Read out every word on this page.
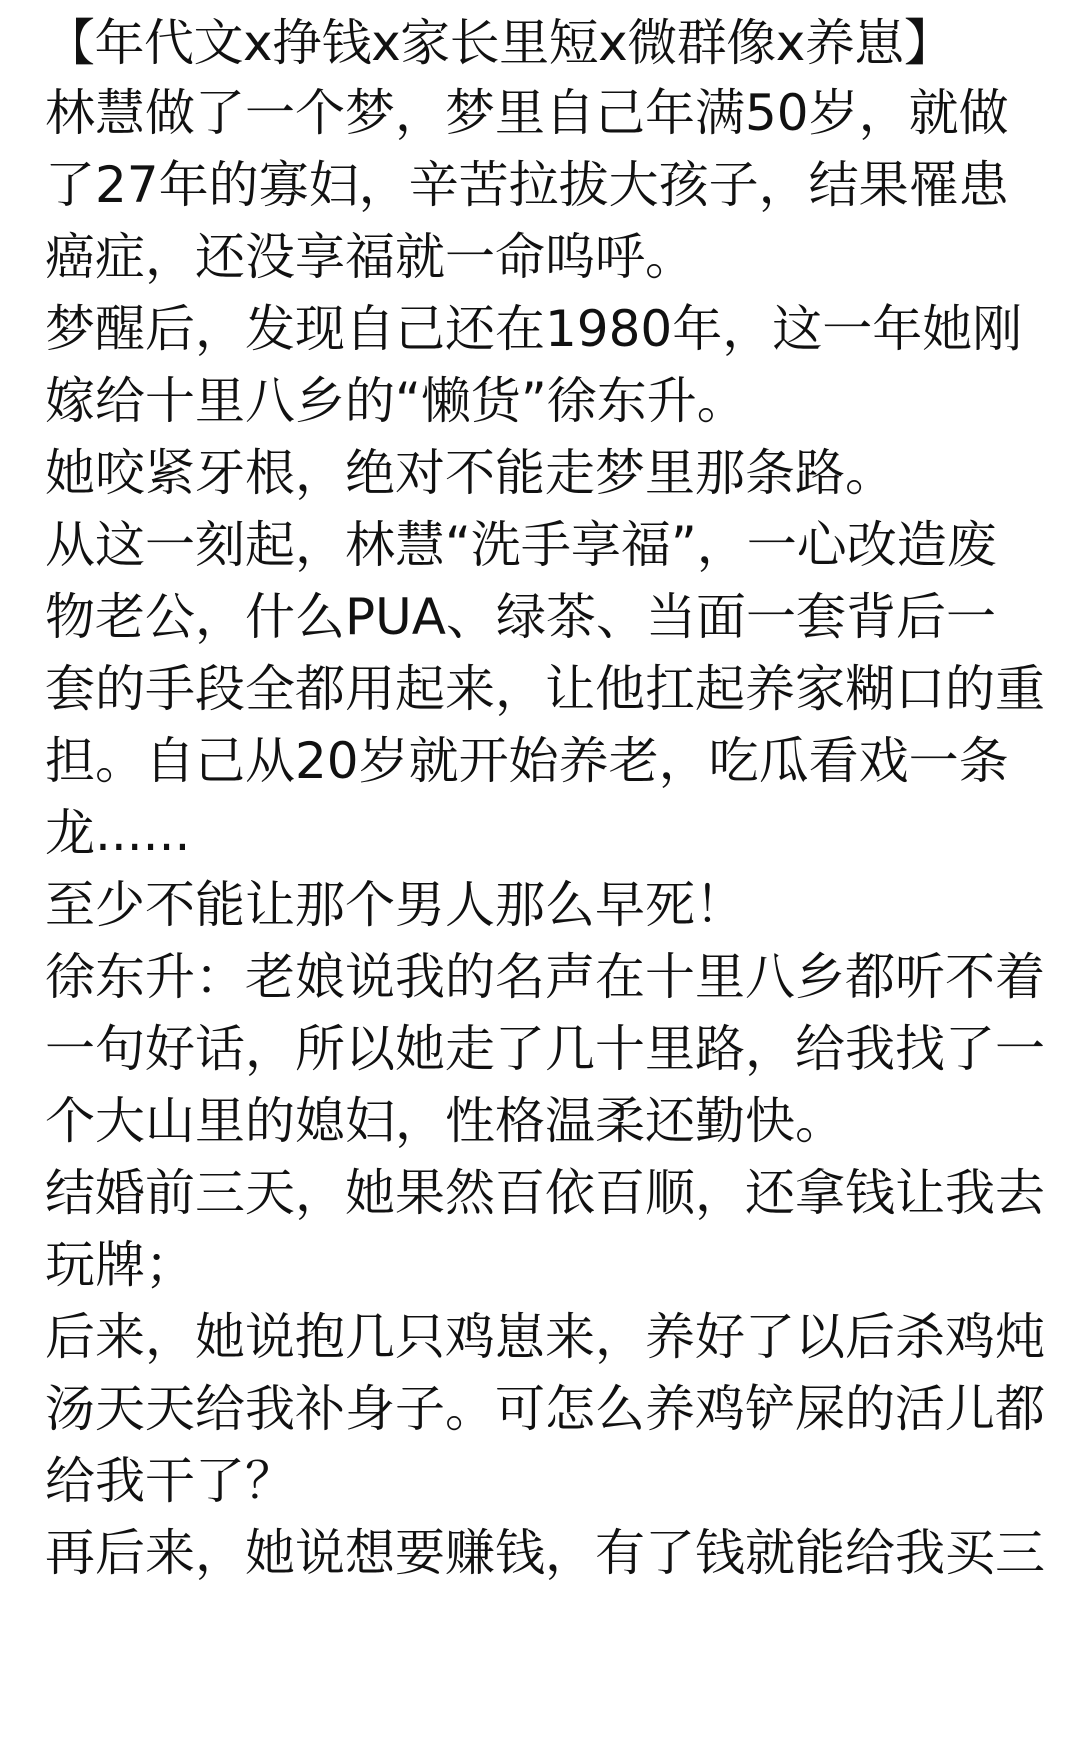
【年代文x挣钱x家长里短x微群像x养崽】
林慧做了一个梦，梦里自己年满50岁，就做
了27年的寡妇，辛苦拉拔大孩子，结果罹患
癌症，还没享福就一命呜呼。
梦醒后，发现自己还在1980年，这一年她刚
嫁给十里八乡的“懒货”徐东升。
她咬紧牙根，绝对不能走梦里那条路。
从这一刻起，林慧“洗手享福”，一心改造废
物老公，什么PUA、绿茶、当面一套背后一
套的手段全都用起来，让他扛起养家糊口的重
担。自己从20岁就开始养老，吃瓜看戏一条
龙......
至少不能让那个男人那么早死！
徐东升：老娘说我的名声在十里八乡都听不着
一句好话，所以她走了几十里路，给我找了一
个大山里的媳妇，性格温柔还勤快。
结婚前三天，她果然百依百顺，还拿钱让我去
玩牌；
后来，她说抱几只鸡崽来，养好了以后杀鸡炖
汤天天给我补身子。可怎么养鸡铲屎的活儿都
给我干了？
再后来，她说想要赚钱，有了钱就能给我买三
